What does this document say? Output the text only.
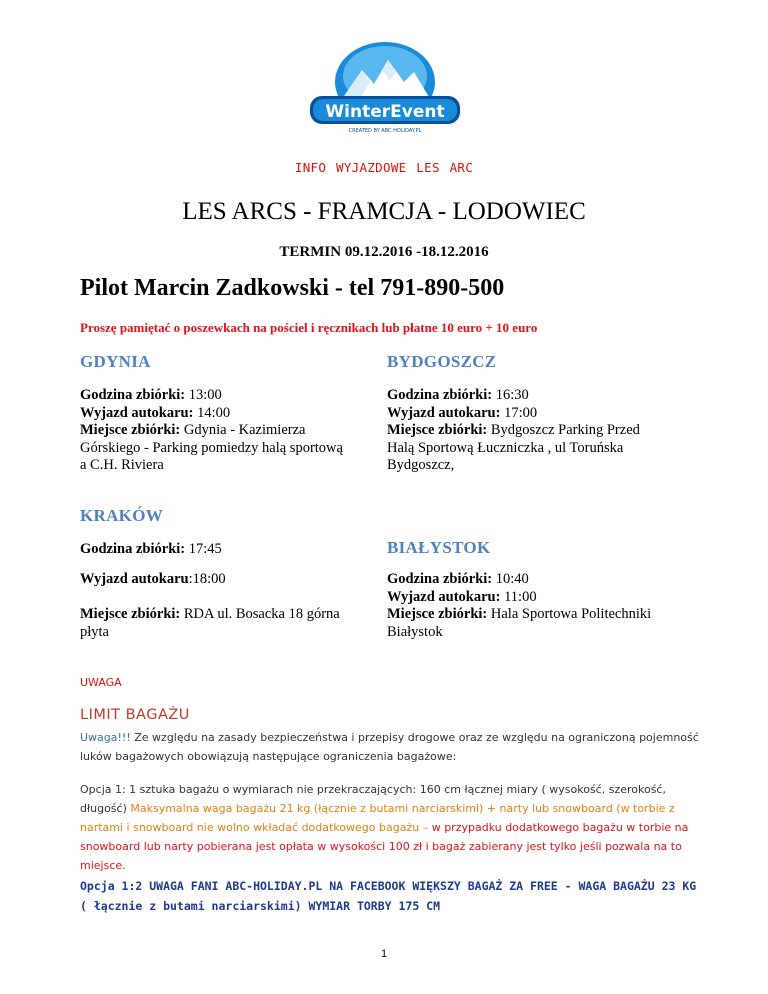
WinterEvent
CREATED BY ABC HOLIDAY.PL
INFO WYJAZDOWE LES ARC
LES ARCS - FRAMCJA - LODOWIEC
TERMIN 09.12.2016 -18.12.2016
Pilot Marcin Zadkowski - tel 791-890-500
Proszę pamiętać o poszewkach na pościel i ręcznikach lub płatne 10 euro + 10 euro
GDYNIA
Godzina zbiórki: 13:00
Wyjazd autokaru: 14:00
Miejsce zbiórki: Gdynia - Kazimierza
Górskiego - Parking pomiedzy halą sportową
a C.H. Riviera
BYDGOSZCZ
Godzina zbiórki: 16:30
Wyjazd autokaru: 17:00
Miejsce zbiórki: Bydgoszcz Parking Przed
Halą Sportową Łuczniczka , ul Toruńska
Bydgoszcz,
KRAKÓW
Godzina zbiórki: 17:45
Wyjazd autokaru:18:00
Miejsce zbiórki: RDA ul. Bosacka 18 górna
płyta
BIAŁYSTOK
Godzina zbiórki: 10:40
Wyjazd autokaru: 11:00
Miejsce zbiórki: Hala Sportowa Politechniki
Białystok
UWAGA
LIMIT BAGAŻU
Uwaga!!! Ze względu na zasady bezpieczeństwa i przepisy drogowe oraz ze względu na ograniczoną pojemność luków bagażowych obowiązują następujące ograniczenia bagażowe:
Opcja 1: 1 sztuka bagażu o wymiarach nie przekraczających: 160 cm łącznej miary ( wysokość, szerokość, długość) Maksymalna waga bagażu 21 kg (łącznie z butami narciarskimi) + narty lub snowboard (w torbie z nartami i snowboard nie wolno wkładać dodatkowego bagażu – w przypadku dodatkowego bagażu w torbie na snowboard lub narty pobierana jest opłata w wysokości 100 zł i bagaż zabierany jest tylko jeśli pozwala na to miejsce.
Opcja 1:2 UWAGA FANI ABC-HOLIDAY.PL NA FACEBOOK WIĘKSZY BAGAŻ ZA FREE - WAGA BAGAŻU 23 KG ( łącznie z butami narciarskimi) WYMIAR TORBY 175 CM
1
